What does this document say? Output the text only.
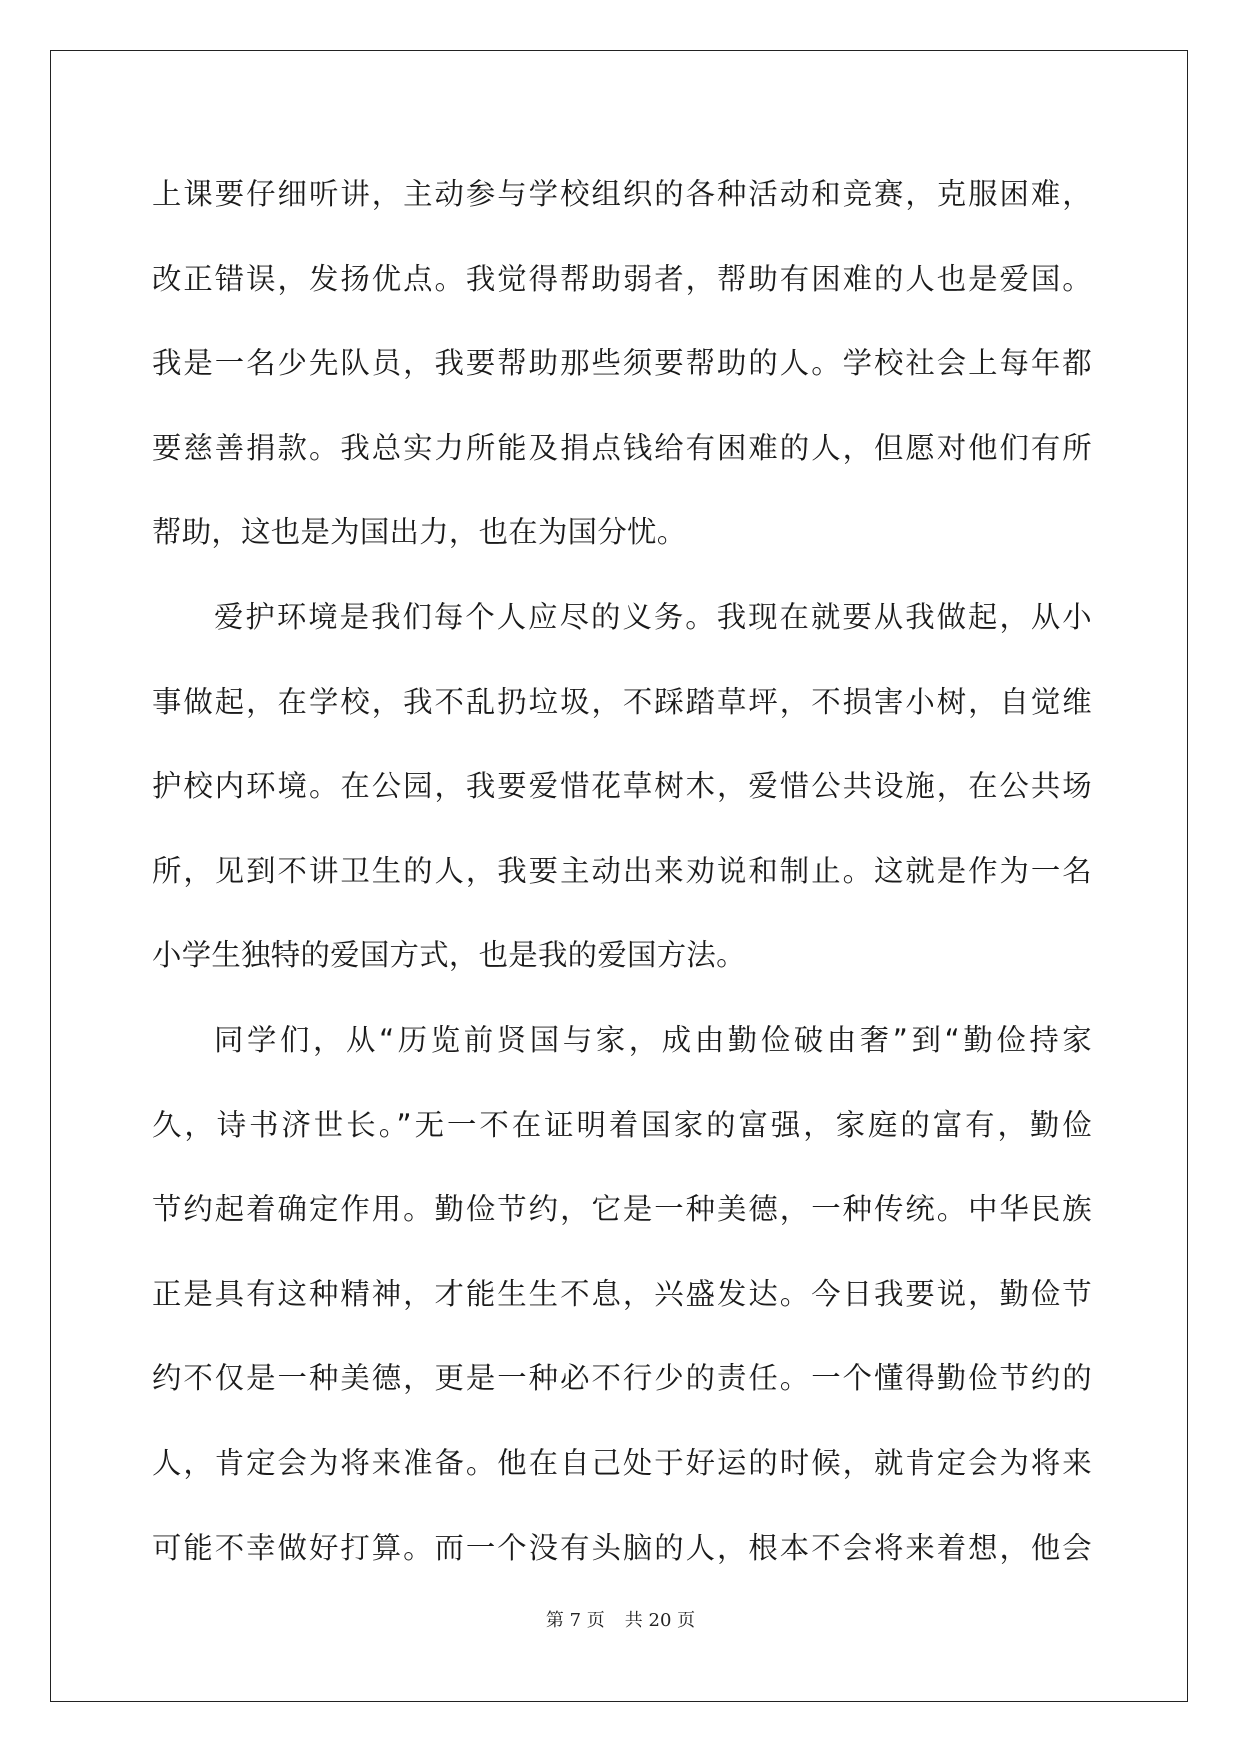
上课要仔细听讲，主动参与学校组织的各种活动和竞赛，克服困难，
改正错误，发扬优点。我觉得帮助弱者，帮助有困难的人也是爱国。
我是一名少先队员，我要帮助那些须要帮助的人。学校社会上每年都
要慈善捐款。我总实力所能及捐点钱给有困难的人，但愿对他们有所
帮助，这也是为国出力，也在为国分忧。
爱护环境是我们每个人应尽的义务。我现在就要从我做起，从小
事做起，在学校，我不乱扔垃圾，不踩踏草坪，不损害小树，自觉维
护校内环境。在公园，我要爱惜花草树木，爱惜公共设施，在公共场
所，见到不讲卫生的人，我要主动出来劝说和制止。这就是作为一名
小学生独特的爱国方式，也是我的爱国方法。
同学们，从“历览前贤国与家，成由勤俭破由奢”到“勤俭持家
久，诗书济世长。”无一不在证明着国家的富强，家庭的富有，勤俭
节约起着确定作用。勤俭节约，它是一种美德，一种传统。中华民族
正是具有这种精神，才能生生不息，兴盛发达。今日我要说，勤俭节
约不仅是一种美德，更是一种必不行少的责任。一个懂得勤俭节约的
人，肯定会为将来准备。他在自己处于好运的时候，就肯定会为将来
可能不幸做好打算。而一个没有头脑的人，根本不会将来着想，他会
第 7 页 共 20 页
